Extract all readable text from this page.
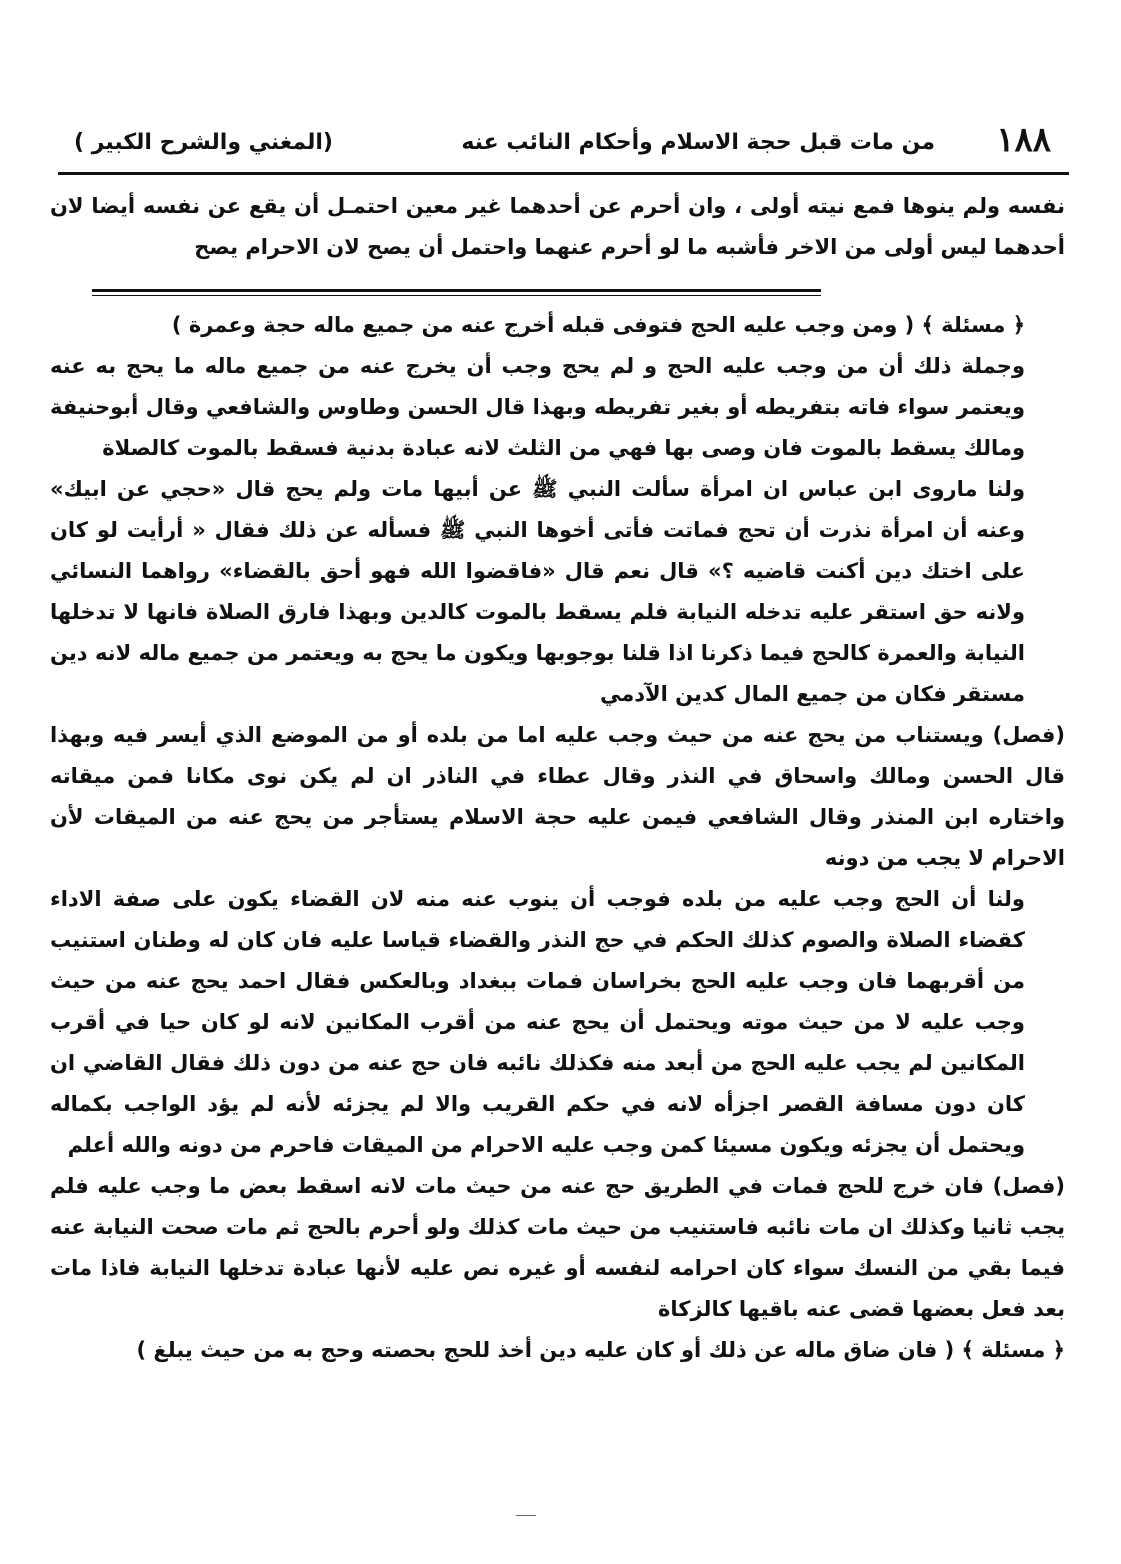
١٨٨
من مات قبل حجة الاسلام وأحكام النائب عنه
(المغني والشرح الكبير )

نفسه ولم ينوها فمع نيته أولى ، وان أحرم عن أحدهما غير معين احتمـل أن يقع عن نفسه أيضا لان أحدهما ليس أولى من الاخر فأشبه ما لو أحرم عنهما واحتمل أن يصح لان الاحرام يصح

﴿ مسئلة ﴾ ( ومن وجب عليه الحج فتوفى قبله أخرج عنه من جميع ماله حجة وعمرة )

وجملة ذلك أن من وجب عليه الحج و لم يحج وجب أن يخرج عنه من جميع ماله ما يحج به عنه ويعتمر سواء فاته بتفريطه أو بغير تفريطه وبهذا قال الحسن وطاوس والشافعي وقال أبوحنيفة ومالك يسقط بالموت فان وصى بها فهي من الثلث لانه عبادة بدنية فسقط بالموت كالصلاة

ولنا ماروى ابن عباس ان امرأة سألت النبي ﷺ عن أبيها مات ولم يحج قال «حجي عن ابيك» وعنه أن امرأة نذرت أن تحج فماتت فأتى أخوها النبي ﷺ فسأله عن ذلك فقال « أرأيت لو كان على اختك دين أكنت قاضيه ؟» قال نعم قال «فاقضوا الله فهو أحق بالقضاء» رواهما النسائي ولانه حق استقر عليه تدخله النيابة فلم يسقط بالموت كالدين وبهذا فارق الصلاة فانها لا تدخلها النيابة والعمرة كالحج فيما ذكرنا اذا قلنا بوجوبها ويكون ما يحج به ويعتمر من جميع ماله لانه دين مستقر فكان من جميع المال كدين الآدمي

(فصل) ويستناب من يحج عنه من حيث وجب عليه اما من بلده أو من الموضع الذي أيسر فيه وبهذا قال الحسن ومالك واسحاق في النذر وقال عطاء في الناذر ان لم يكن نوى مكانا فمن ميقاته واختاره ابن المنذر وقال الشافعي فيمن عليه حجة الاسلام يستأجر من يحج عنه من الميقات لأن الاحرام لا يجب من دونه

ولنا أن الحج وجب عليه من بلده فوجب أن ينوب عنه منه لان القضاء يكون على صفة الاداء كقضاء الصلاة والصوم كذلك الحكم في حج النذر والقضاء قياسا عليه فان كان له وطنان استنيب من أقربهما فان وجب عليه الحج بخراسان فمات ببغداد وبالعكس فقال احمد يحج عنه من حيث وجب عليه لا من حيث موته ويحتمل أن يحج عنه من أقرب المكانين لانه لو كان حيا في أقرب المكانين لم يجب عليه الحج من أبعد منه فكذلك نائبه فان حج عنه من دون ذلك فقال القاضي ان كان دون مسافة القصر اجزأه لانه في حكم القريب والا لم يجزئه لأنه لم يؤد الواجب بكماله ويحتمل أن يجزئه ويكون مسيئا كمن وجب عليه الاحرام من الميقات فاحرم من دونه والله أعلم

(فصل) فان خرج للحج فمات في الطريق حج عنه من حيث مات لانه اسقط بعض ما وجب عليه فلم يجب ثانيا وكذلك ان مات نائبه فاستنيب من حيث مات كذلك ولو أحرم بالحج ثم مات صحت النيابة عنه فيما بقي من النسك سواء كان احرامه لنفسه أو غيره نص عليه لأنها عبادة تدخلها النيابة فاذا مات بعد فعل بعضها قضى عنه باقيها كالزكاة

﴿ مسئلة ﴾ ( فان ضاق ماله عن ذلك أو كان عليه دين أخذ للحج بحصته وحج به من حيث يبلغ )
